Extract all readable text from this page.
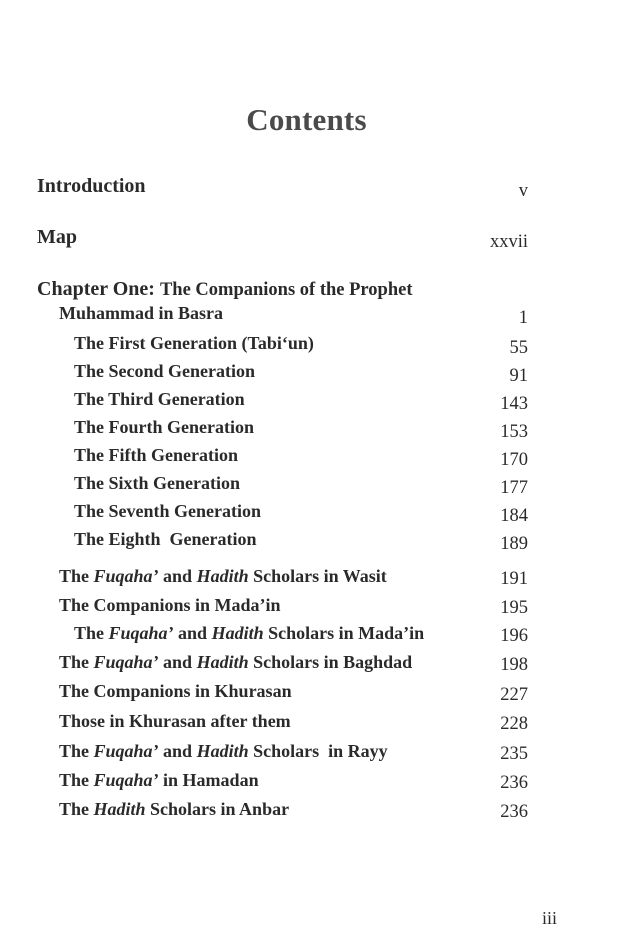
Contents
Introduction	v
Map	xxvii
Chapter One: The Companions of the Prophet
Muhammad in Basra	1
The First Generation (Tabi‘un)	55
The Second Generation	91
The Third Generation	143
The Fourth Generation	153
The Fifth Generation	170
The Sixth Generation	177
The Seventh Generation	184
The Eighth  Generation	189
The Fuqaha’ and Hadith Scholars in Wasit	191
The Companions in Mada’in	195
The Fuqaha’ and Hadith Scholars in Mada’in	196
The Fuqaha’ and Hadith Scholars in Baghdad	198
The Companions in Khurasan	227
Those in Khurasan after them	228
The Fuqaha’ and Hadith Scholars  in Rayy	235
The Fuqaha’ in Hamadan	236
The Hadith Scholars in Anbar	236
iii
